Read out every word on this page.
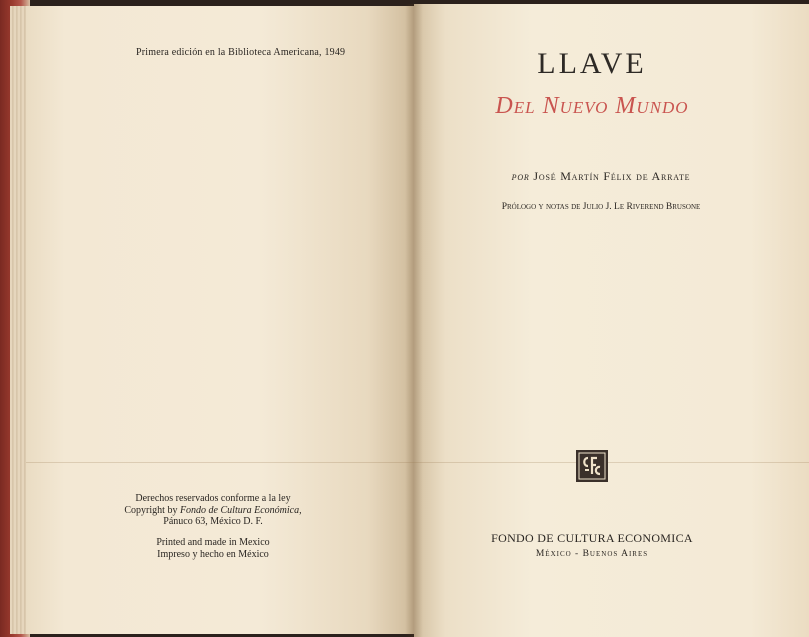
Primera edición en la Biblioteca Americana, 1949
Derechos reservados conforme a la ley
Copyright by Fondo de Cultura Económica,
Pánuco 63, México D. F.
Printed and made in Mexico
Impreso y hecho en México
LLAVE
Del Nuevo Mundo
por José Martín Félix de Arrate
Prólogo y notas de Julio J. Le Riverend Brusone
FONDO DE CULTURA ECONOMICA
México - Buenos Aires
